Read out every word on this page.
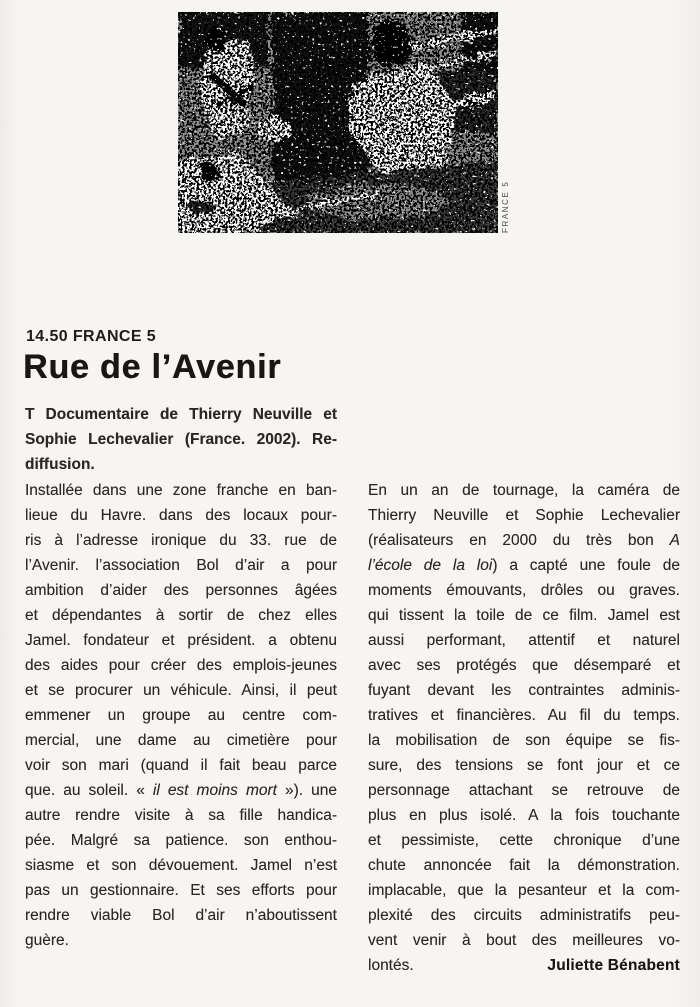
FRANCE 5
14.50 FRANCE 5
Rue de l’Avenir
T Documentaire de Thierry Neuville et
Sophie Lechevalier (France. 2002). Re-
diffusion.
Installée dans une zone franche en ban-
lieue du Havre. dans des locaux pour-
ris à l’adresse ironique du 33. rue de
l’Avenir. l’association Bol d’air a pour
ambition d’aider des personnes âgées
et dépendantes à sortir de chez elles
Jamel. fondateur et président. a obtenu
des aides pour créer des emplois-jeunes
et se procurer un véhicule. Ainsi, il peut
emmener un groupe au centre com-
mercial, une dame au cimetière pour
voir son mari (quand il fait beau parce
que. au soleil. « il est moins mort »). une
autre rendre visite à sa fille handica-
pée. Malgré sa patience. son enthou-
siasme et son dévouement. Jamel n’est
pas un gestionnaire. Et ses efforts pour
rendre viable Bol d’air n’aboutissent
guère.
En un an de tournage, la caméra de
Thierry Neuville et Sophie Lechevalier
(réalisateurs en 2000 du très bon A
l’école de la loi) a capté une foule de
moments émouvants, drôles ou graves.
qui tissent la toile de ce film. Jamel est
aussi performant, attentif et naturel
avec ses protégés que désemparé et
fuyant devant les contraintes adminis-
tratives et financières. Au fil du temps.
la mobilisation de son équipe se fis-
sure, des tensions se font jour et ce
personnage attachant se retrouve de
plus en plus isolé. A la fois touchante
et pessimiste, cette chronique d’une
chute annoncée fait la démonstration.
implacable, que la pesanteur et la com-
plexité des circuits administratifs peu-
vent venir à bout des meilleures vo-
lontés.	Juliette Bénabent
